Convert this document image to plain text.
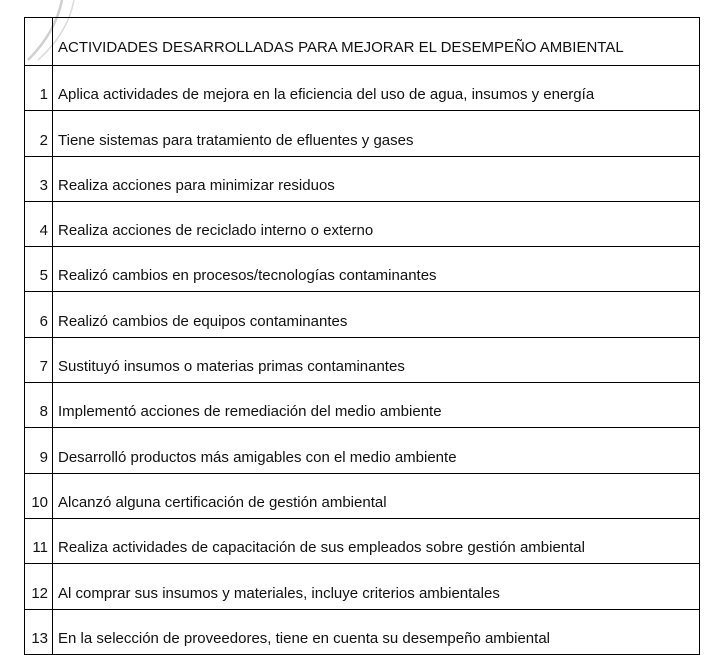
	ACTIVIDADES DESARROLLADAS PARA MEJORAR EL DESEMPEÑO AMBIENTAL
1	Aplica actividades de mejora en la eficiencia del uso de agua, insumos y energía
2	Tiene sistemas para tratamiento de efluentes y gases
3	Realiza acciones para minimizar residuos
4	Realiza acciones de reciclado interno o externo
5	Realizó cambios en procesos/tecnologías contaminantes
6	Realizó cambios de equipos contaminantes
7	Sustituyó insumos o materias primas contaminantes
8	Implementó acciones de remediación del medio ambiente
9	Desarrolló productos más amigables con el medio ambiente
10	Alcanzó alguna certificación de gestión ambiental
11	Realiza actividades de capacitación de sus empleados sobre gestión ambiental
12	Al comprar sus insumos y materiales, incluye criterios ambientales
13	En la selección de proveedores, tiene en cuenta su desempeño ambiental
